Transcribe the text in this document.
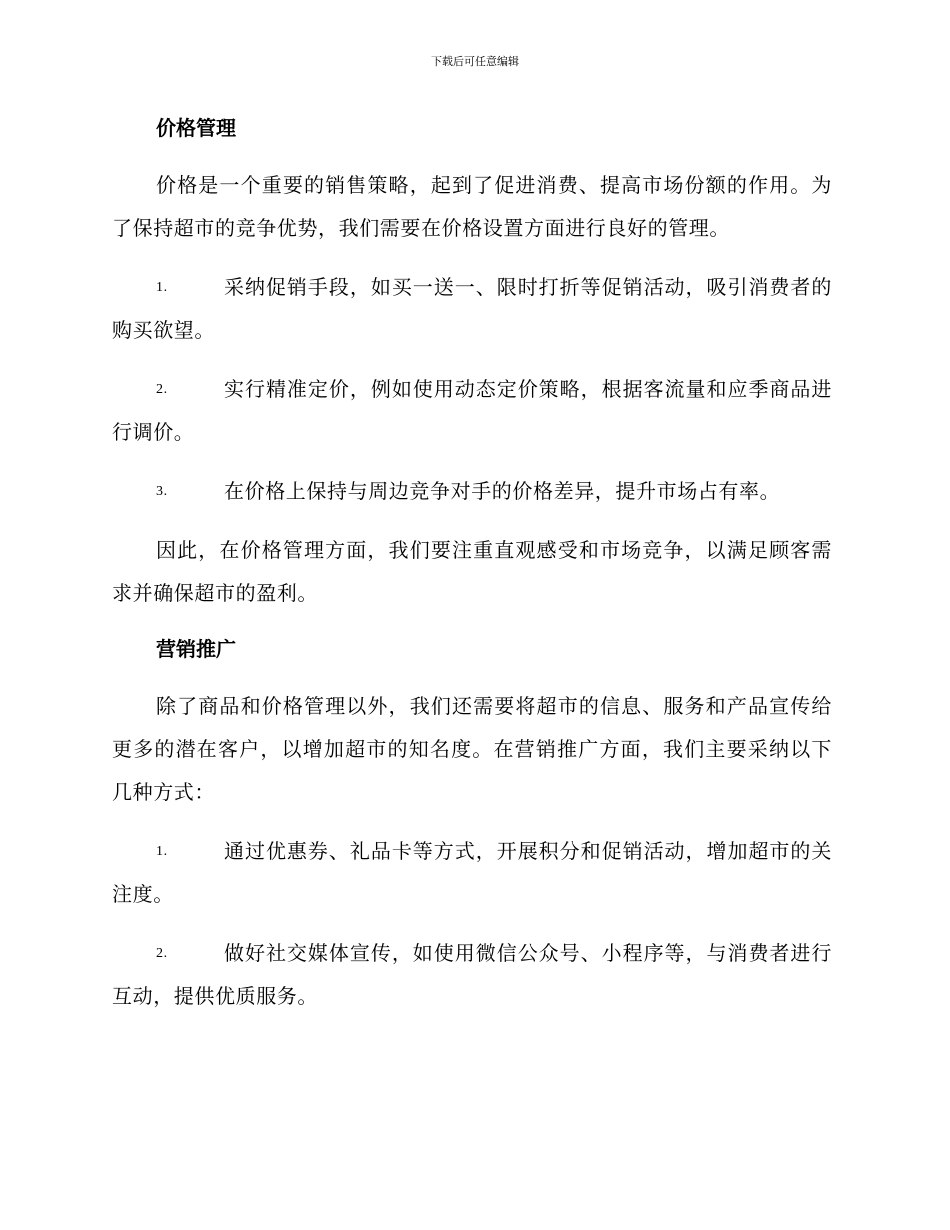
下载后可任意编辑
价格管理

价格是一个重要的销售策略，起到了促进消费、提高市场份额的作用。为了保持超市的竞争优势，我们需要在价格设置方面进行良好的管理。

1.	采纳促销手段，如买一送一、限时打折等促销活动，吸引消费者的购买欲望。
2.	实行精准定价，例如使用动态定价策略，根据客流量和应季商品进行调价。
3.	在价格上保持与周边竞争对手的价格差异，提升市场占有率。

因此，在价格管理方面，我们要注重直观感受和市场竞争，以满足顾客需求并确保超市的盈利。

营销推广

除了商品和价格管理以外，我们还需要将超市的信息、服务和产品宣传给更多的潜在客户，以增加超市的知名度。在营销推广方面，我们主要采纳以下几种方式：

1.	通过优惠券、礼品卡等方式，开展积分和促销活动，增加超市的关注度。
2.	做好社交媒体宣传，如使用微信公众号、小程序等，与消费者进行互动，提供优质服务。
